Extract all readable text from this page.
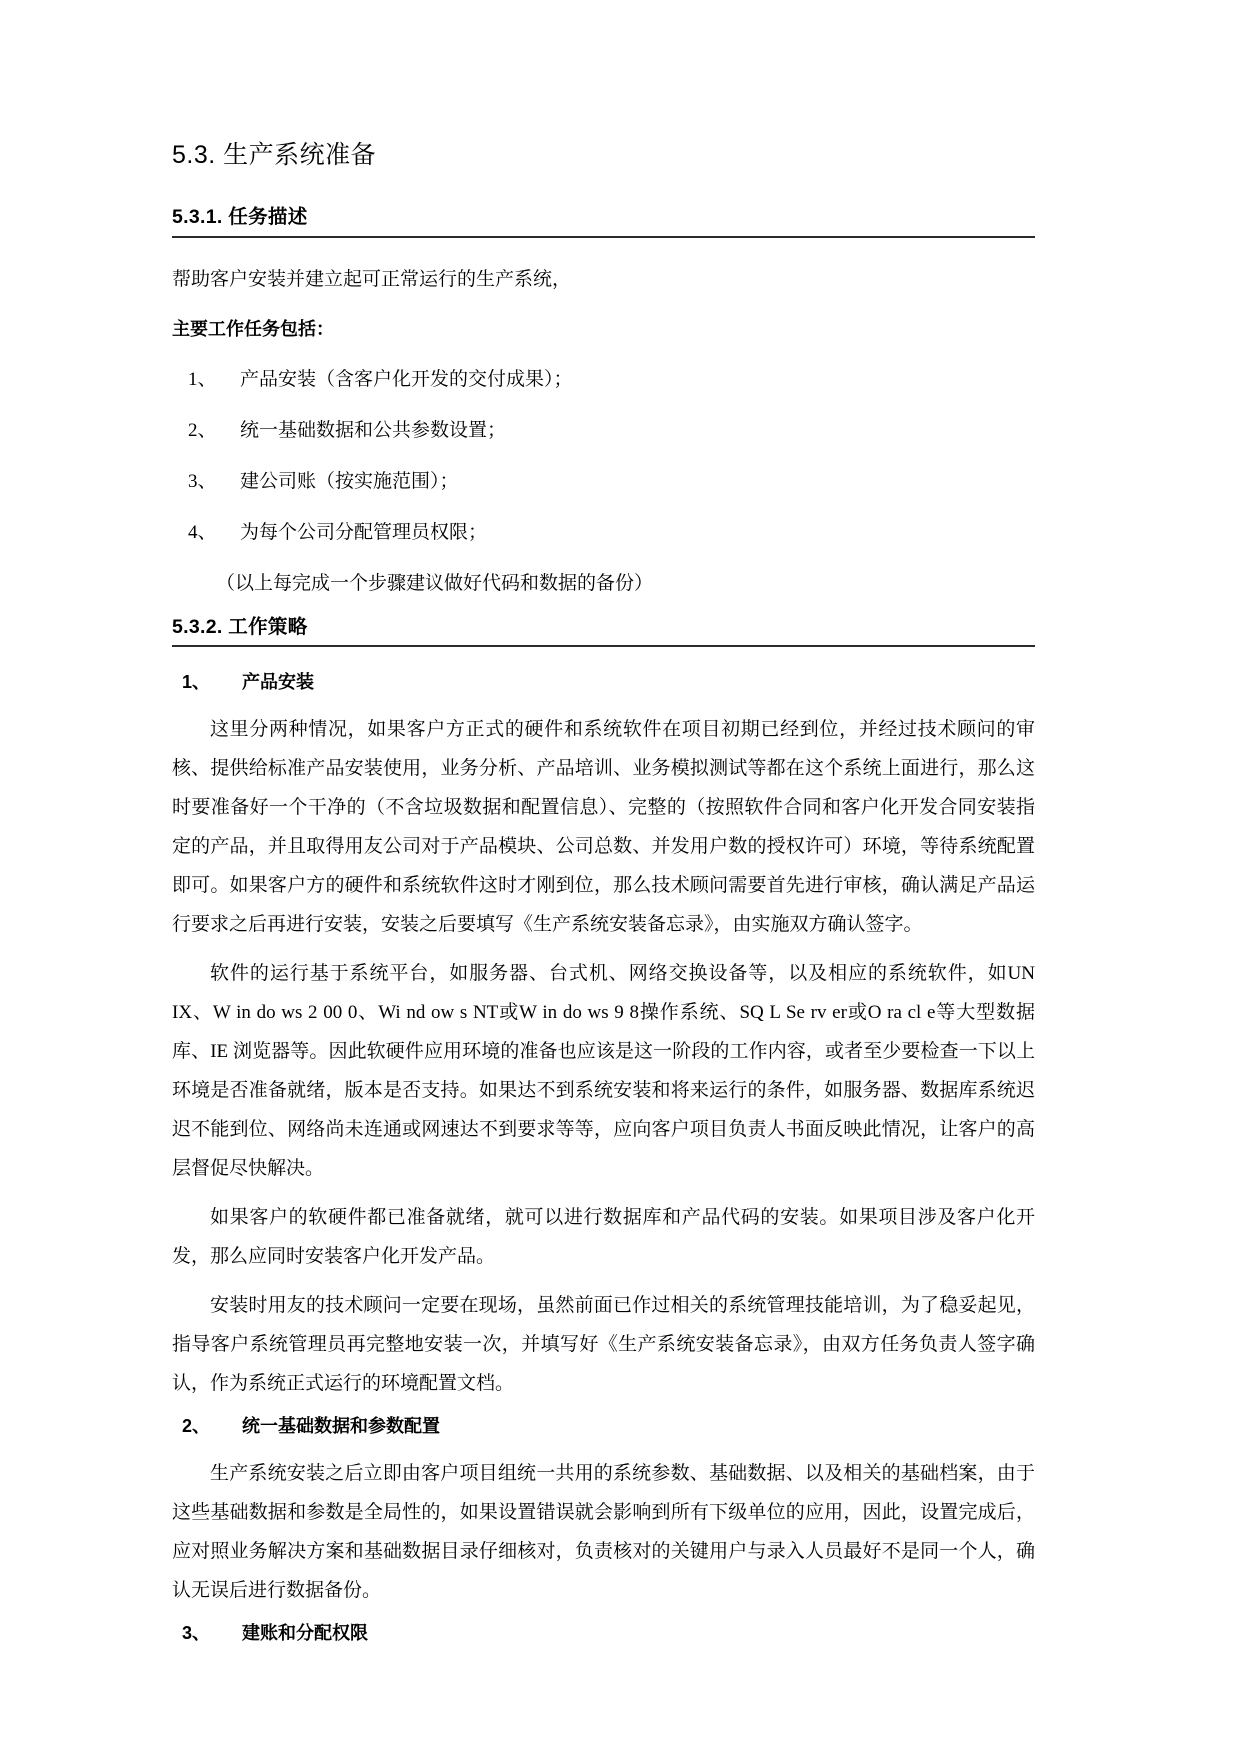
5.3. 生产系统准备
5.3.1. 任务描述

帮助客户安装并建立起可正常运行的生产系统，

主要工作任务包括：

1、	产品安装（含客户化开发的交付成果）；
2、	统一基础数据和公共参数设置；
3、	建公司账（按实施范围）；
4、	为每个公司分配管理员权限；

（以上每完成一个步骤建议做好代码和数据的备份）

5.3.2. 工作策略
1、	产品安装

这里分两种情况，如果客户方正式的硬件和系统软件在项目初期已经到位，并经过技术顾问的审核、提供给标准产品安装使用，业务分析、产品培训、业务模拟测试等都在这个系统上面进行，那么这时要准备好一个干净的（不含垃圾数据和配置信息）、完整的（按照软件合同和客户化开发合同安装指定的产品，并且取得用友公司对于产品模块、公司总数、并发用户数的授权许可）环境，等待系统配置即可。如果客户方的硬件和系统软件这时才刚到位，那么技术顾问需要首先进行审核，确认满足产品运行要求之后再进行安装，安装之后要填写《生产系统安装备忘录》，由实施双方确认签字。

软件的运行基于系统平台，如服务器、台式机、网络交换设备等，以及相应的系统软件，如UN IX、W in do ws 2 00 0、Wi nd ow s NT或W in do ws 9 8操作系统、SQ L Se rv er或O ra cl e等大型数据库、IE 浏览器等。因此软硬件应用环境的准备也应该是这一阶段的工作内容，或者至少要检查一下以上环境是否准备就绪，版本是否支持。如果达不到系统安装和将来运行的条件，如服务器、数据库系统迟迟不能到位、网络尚未连通或网速达不到要求等等，应向客户项目负责人书面反映此情况，让客户的高层督促尽快解决。

如果客户的软硬件都已准备就绪，就可以进行数据库和产品代码的安装。如果项目涉及客户化开发，那么应同时安装客户化开发产品。

安装时用友的技术顾问一定要在现场，虽然前面已作过相关的系统管理技能培训，为了稳妥起见，指导客户系统管理员再完整地安装一次，并填写好《生产系统安装备忘录》，由双方任务负责人签字确认，作为系统正式运行的环境配置文档。

2、	统一基础数据和参数配置

生产系统安装之后立即由客户项目组统一共用的系统参数、基础数据、以及相关的基础档案，由于这些基础数据和参数是全局性的，如果设置错误就会影响到所有下级单位的应用，因此，设置完成后，应对照业务解决方案和基础数据目录仔细核对，负责核对的关键用户与录入人员最好不是同一个人，确认无误后进行数据备份。

3、	建账和分配权限
